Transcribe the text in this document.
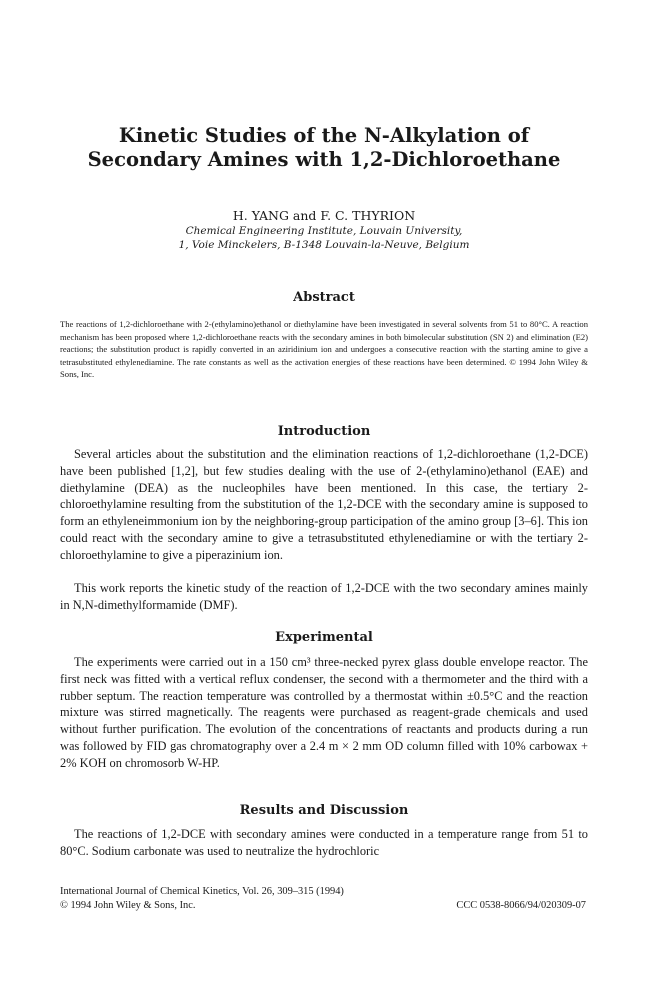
Kinetic Studies of the N-Alkylation of
Secondary Amines with 1,2-Dichloroethane
H. YANG and F. C. THYRION
Chemical Engineering Institute, Louvain University,
1, Voie Minckelers, B-1348 Louvain-la-Neuve, Belgium
Abstract

The reactions of 1,2-dichloroethane with 2-(ethylamino)ethanol or diethylamine have been investigated in several solvents from 51 to 80°C. A reaction mechanism has been proposed where 1,2-dichloroethane reacts with the secondary amines in both bimolecular substitution (SN 2) and elimination (E2) reactions; the substitution product is rapidly converted in an aziridinium ion and undergoes a consecutive reaction with the starting amine to give a tetrasubstituted ethylenediamine. The rate constants as well as the activation energies of these reactions have been determined. © 1994 John Wiley & Sons, Inc.

Introduction

Several articles about the substitution and the elimination reactions of 1,2-dichloroethane (1,2-DCE) have been published [1,2], but few studies dealing with the use of 2-(ethylamino)ethanol (EAE) and diethylamine (DEA) as the nucleophiles have been mentioned. In this case, the tertiary 2-chloroethylamine resulting from the substitution of the 1,2-DCE with the secondary amine is supposed to form an ethyleneimmonium ion by the neighboring-group participation of the amino group [3–6]. This ion could react with the secondary amine to give a tetrasubstituted ethylenediamine or with the tertiary 2-chloroethylamine to give a piperazinium ion.

This work reports the kinetic study of the reaction of 1,2-DCE with the two secondary amines mainly in N,N-dimethylformamide (DMF).

Experimental

The experiments were carried out in a 150 cm³ three-necked pyrex glass double envelope reactor. The first neck was fitted with a vertical reflux condenser, the second with a thermometer and the third with a rubber septum. The reaction temperature was controlled by a thermostat within ±0.5°C and the reaction mixture was stirred magnetically. The reagents were purchased as reagent-grade chemicals and used without further purification. The evolution of the concentrations of reactants and products during a run was followed by FID gas chromatography over a 2.4 m × 2 mm OD column filled with 10% carbowax + 2% KOH on chromosorb W-HP.

Results and Discussion

The reactions of 1,2-DCE with secondary amines were conducted in a temperature range from 51 to 80°C. Sodium carbonate was used to neutralize the hydrochloric

International Journal of Chemical Kinetics, Vol. 26, 309–315 (1994)
© 1994 John Wiley & Sons, Inc.	CCC 0538-8066/94/020309-07
